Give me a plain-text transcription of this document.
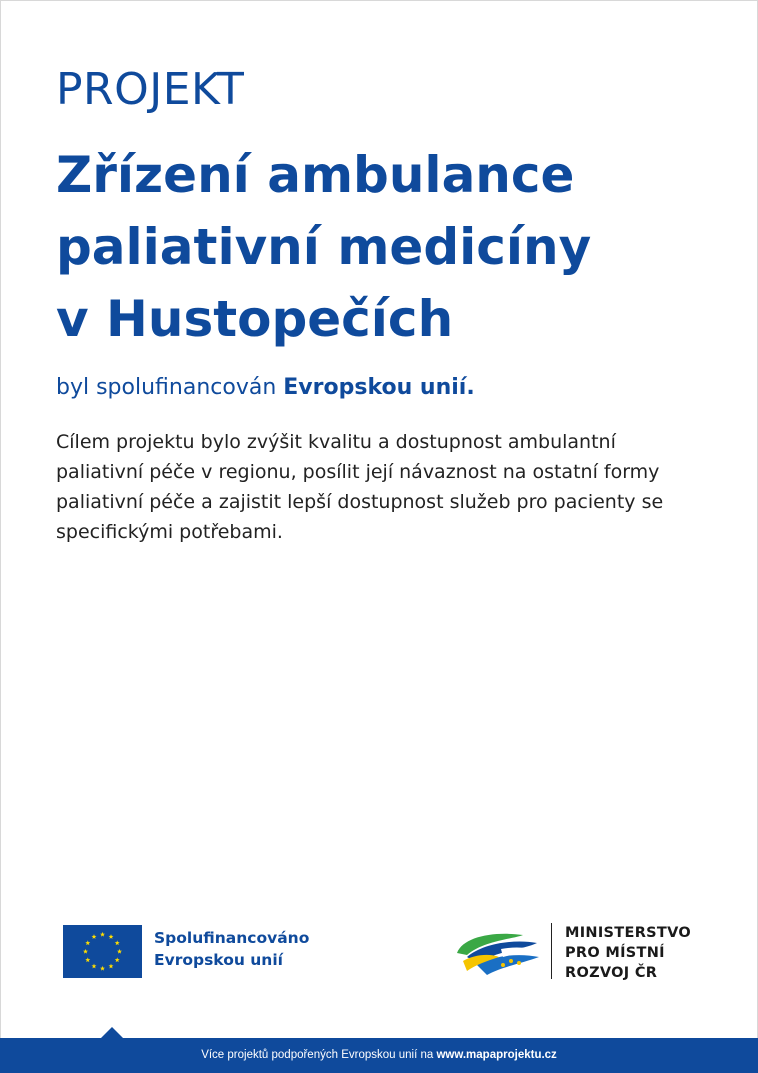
PROJEKT
Zřízení ambulance
paliativní medicíny
v Hustopečích

byl spolufinancován Evropskou unií.

Cílem projektu bylo zvýšit kvalitu a dostupnost ambulantní
paliativní péče v regionu, posílit její návaznost na ostatní formy
paliativní péče a zajistit lepší dostupnost služeb pro pacienty se
specifickými potřebami.

Spolufinancováno
Evropskou unií
MINISTERSTVO
PRO MÍSTNÍ
ROZVOJ ČR
Více projektů podpořených Evropskou unií na www.mapaprojektu.cz
